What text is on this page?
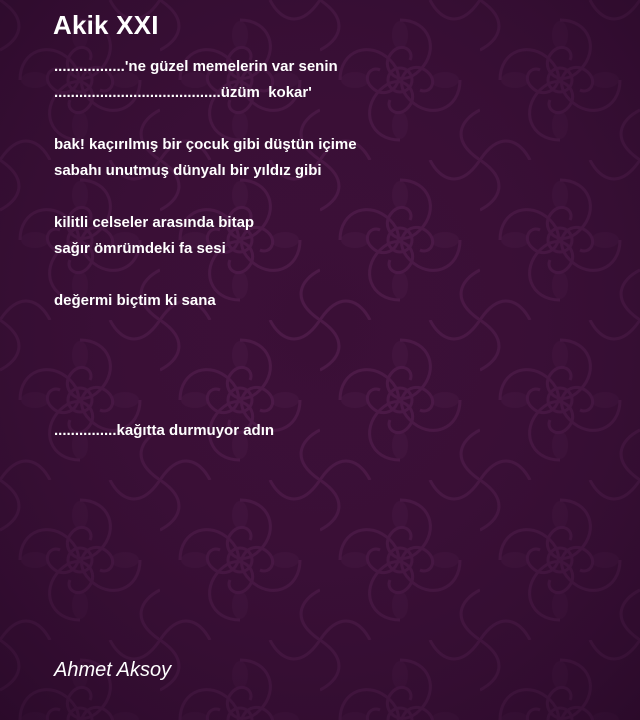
Akik XXI
.................'ne güzel memelerin var senin
........................................üzüm  kokar'
bak! kaçırılmış bir çocuk gibi düştün içime
sabahı unutmuş dünyalı bir yıldız gibi
kilitli celseler arasında bitap
sağır ömrümdeki fa sesi
değermi biçtim ki sana
...............kağıtta durmuyor adın
Ahmet Aksoy
